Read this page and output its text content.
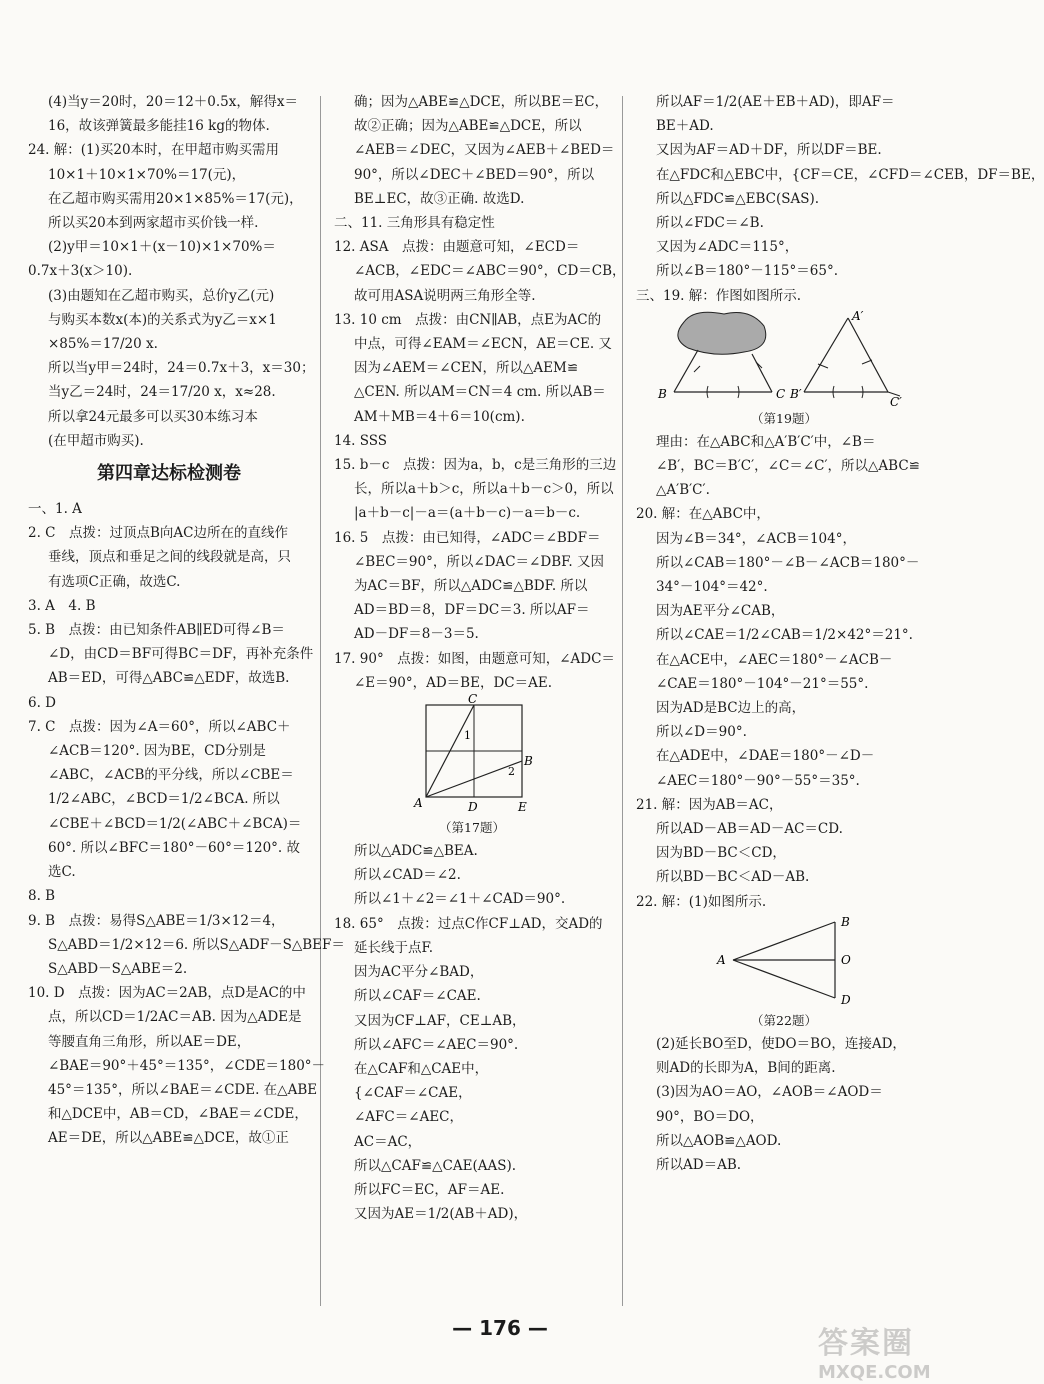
(4)当y＝20时，20＝12＋0.5x，解得x＝
16，故该弹簧最多能挂16 kg的物体.
24. 解：(1)买20本时，在甲超市购买需用
10×1＋10×1×70%＝17(元)，
在乙超市购买需用20×1×85%＝17(元)，
所以买20本到两家超市买价钱一样.
(2)y甲＝10×1＋(x－10)×1×70%＝
0.7x＋3(x＞10).
(3)由题知在乙超市购买，总价y乙(元)
与购买本数x(本)的关系式为y乙＝x×1
×85%＝17/20 x.
所以当y甲＝24时，24＝0.7x＋3，x＝30；
当y乙＝24时，24＝17/20 x，x≈28.
所以拿24元最多可以买30本练习本
(在甲超市购买).
第四章达标检测卷
一、1. A
2. C　点拨：过顶点B向AC边所在的直线作
垂线，顶点和垂足之间的线段就是高，只
有选项C正确，故选C.
3. A　4. B
5. B　点拨：由已知条件AB∥ED可得∠B＝
∠D，由CD＝BF可得BC＝DF，再补充条件
AB＝ED，可得△ABC≌△EDF，故选B.
6. D
7. C　点拨：因为∠A＝60°，所以∠ABC＋
∠ACB＝120°. 因为BE，CD分别是
∠ABC，∠ACB的平分线，所以∠CBE＝
1/2∠ABC，∠BCD＝1/2∠BCA. 所以
∠CBE＋∠BCD＝1/2(∠ABC＋∠BCA)＝
60°. 所以∠BFC＝180°－60°＝120°. 故
选C.
8. B
9. B　点拨：易得S△ABE＝1/3×12＝4，
S△ABD＝1/2×12＝6. 所以S△ADF－S△BEF＝
S△ABD－S△ABE＝2.
10. D　点拨：因为AC＝2AB，点D是AC的中
点，所以CD＝1/2AC＝AB. 因为△ADE是
等腰直角三角形，所以AE＝DE，
∠BAE＝90°＋45°＝135°，∠CDE＝180°－
45°＝135°，所以∠BAE＝∠CDE. 在△ABE
和△DCE中，AB＝CD，∠BAE＝∠CDE，
AE＝DE，所以△ABE≌△DCE，故①正
确；因为△ABE≌△DCE，所以BE＝EC，
故②正确；因为△ABE≌△DCE，所以
∠AEB＝∠DEC，又因为∠AEB＋∠BED＝
90°，所以∠DEC＋∠BED＝90°，所以
BE⊥EC，故③正确. 故选D.
二、11. 三角形具有稳定性
12. ASA　点拨：由题意可知，∠ECD＝
∠ACB，∠EDC＝∠ABC＝90°，CD＝CB，
故可用ASA说明两三角形全等.
13. 10 cm　点拨：由CN∥AB，点E为AC的
中点，可得∠EAM＝∠ECN，AE＝CE. 又
因为∠AEM＝∠CEN，所以△AEM≌
△CEN. 所以AM＝CN＝4 cm. 所以AB＝
AM＋MB＝4＋6＝10(cm).
14. SSS
15. b－c　点拨：因为a，b，c是三角形的三边
长，所以a＋b＞c，所以a＋b－c＞0，所以
|a＋b－c|－a＝(a＋b－c)－a＝b－c.
16. 5　点拨：由已知得，∠ADC＝∠BDF＝
∠BEC＝90°，所以∠DAC＝∠DBF. 又因
为AC＝BF，所以△ADC≌△BDF. 所以
AD＝BD＝8，DF＝DC＝3. 所以AF＝
AD－DF＝8－3＝5.
17. 90°　点拨：如图，由题意可知，∠ADC＝
∠E＝90°，AD＝BE，DC＝AE.
C
B
A	D	E
1
2
（第17题）
所以△ADC≌△BEA.
所以∠CAD＝∠2.
所以∠1＋∠2＝∠1＋∠CAD＝90°.
18. 65°　点拨：过点C作CF⊥AD，交AD的
延长线于点F.
因为AC平分∠BAD，
所以∠CAF＝∠CAE.
又因为CF⊥AF，CE⊥AB，
所以∠AFC＝∠AEC＝90°.
在△CAF和△CAE中，
{∠CAF＝∠CAE，
∠AFC＝∠AEC，
AC＝AC，
所以△CAF≌△CAE(AAS).
所以FC＝EC，AF＝AE.
又因为AE＝1/2(AB＋AD)，
所以AF＝1/2(AE＋EB＋AD)，即AF＝
BE＋AD.
又因为AF＝AD＋DF，所以DF＝BE.
在△FDC和△EBC中，{CF＝CE，∠CFD＝∠CEB，DF＝BE，
所以△FDC≌△EBC(SAS).
所以∠FDC＝∠B.
又因为∠ADC＝115°，
所以∠B＝180°－115°＝65°.
三、19. 解：作图如图所示.
B	C B′
A′
C′
（第19题）
理由：在△ABC和△A′B′C′中，∠B＝
∠B′，BC＝B′C′，∠C＝∠C′，所以△ABC≌
△A′B′C′.
20. 解：在△ABC中，
因为∠B＝34°，∠ACB＝104°，
所以∠CAB＝180°－∠B－∠ACB＝180°－
34°－104°＝42°.
因为AE平分∠CAB，
所以∠CAE＝1/2∠CAB＝1/2×42°＝21°.
在△ACE中，∠AEC＝180°－∠ACB－
∠CAE＝180°－104°－21°＝55°.
因为AD是BC边上的高，
所以∠D＝90°.
在△ADE中，∠DAE＝180°－∠D－
∠AEC＝180°－90°－55°＝35°.
21. 解：因为AB＝AC，
所以AD－AB＝AD－AC＝CD.
因为BD－BC＜CD，
所以BD－BC＜AD－AB.
22. 解：(1)如图所示.
A
B
O
D
（第22题）
(2)延长BO至D，使DO＝BO，连接AD，
则AD的长即为A，B间的距离.
(3)因为AO＝AO，∠AOB＝∠AOD＝
90°，BO＝DO，
所以△AOB≌△AOD.
所以AD＝AB.
— 176 —	答案圈
MXQE.COM
